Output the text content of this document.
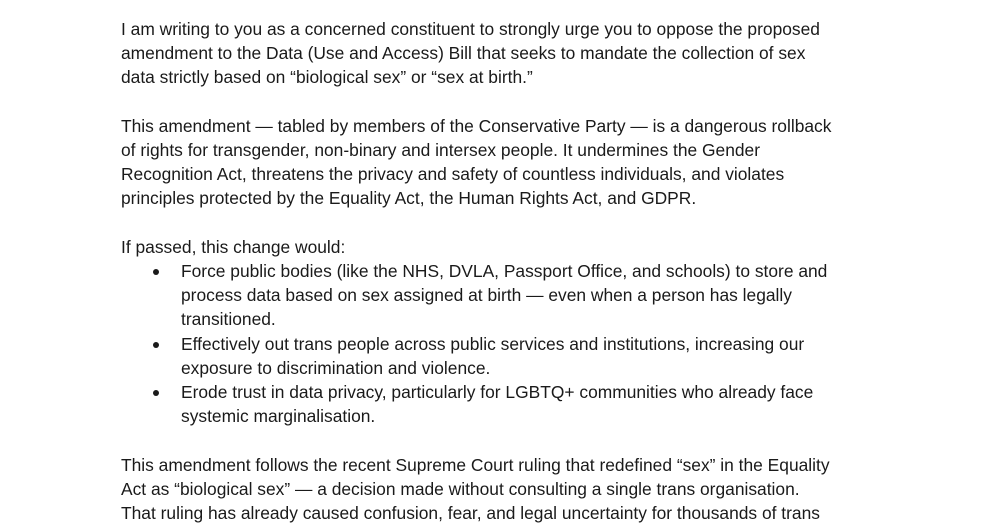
I am writing to you as a concerned constituent to strongly urge you to oppose the proposed
amendment to the Data (Use and Access) Bill that seeks to mandate the collection of sex
data strictly based on “biological sex” or “sex at birth.”

This amendment — tabled by members of the Conservative Party — is a dangerous rollback
of rights for transgender, non-binary and intersex people. It undermines the Gender
Recognition Act, threatens the privacy and safety of countless individuals, and violates
principles protected by the Equality Act, the Human Rights Act, and GDPR.

If passed, this change would:
Force public bodies (like the NHS, DVLA, Passport Office, and schools) to store and
process data based on sex assigned at birth — even when a person has legally
transitioned.
Effectively out trans people across public services and institutions, increasing our
exposure to discrimination and violence.
Erode trust in data privacy, particularly for LGBTQ+ communities who already face
systemic marginalisation.

This amendment follows the recent Supreme Court ruling that redefined “sex” in the Equality
Act as “biological sex” — a decision made without consulting a single trans organisation.
That ruling has already caused confusion, fear, and legal uncertainty for thousands of trans
